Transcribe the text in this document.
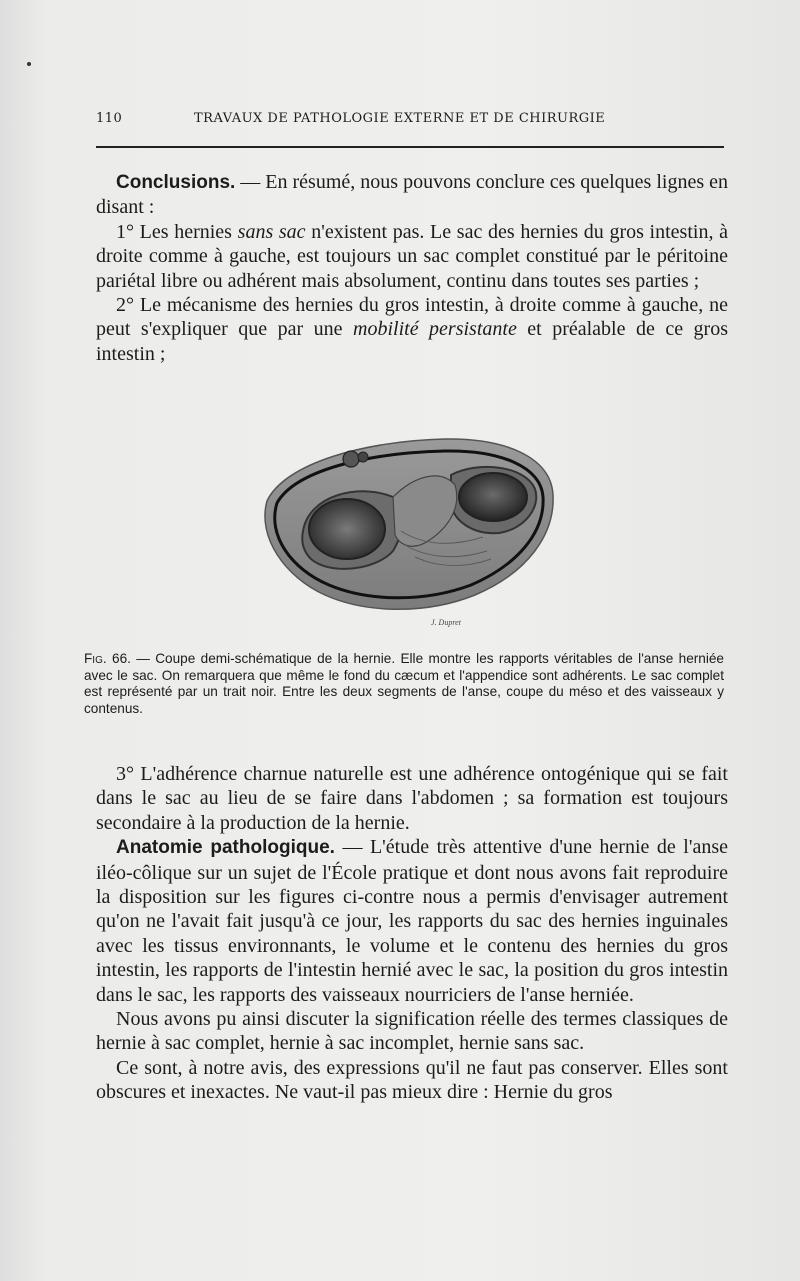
110	TRAVAUX DE PATHOLOGIE EXTERNE ET DE CHIRURGIE

Conclusions. — En résumé, nous pouvons conclure ces quelques lignes en disant :

1° Les hernies sans sac n'existent pas. Le sac des hernies du gros intestin, à droite comme à gauche, est toujours un sac complet constitué par le péritoine pariétal libre ou adhérent mais absolument, continu dans toutes ses parties ;

2° Le mécanisme des hernies du gros intestin, à droite comme à gauche, ne peut s'expliquer que par une mobilité persistante et préalable de ce gros intestin ;

J. Dupret

Fig. 66. — Coupe demi-schématique de la hernie. Elle montre les rapports véritables de l'anse herniée avec le sac. On remarquera que même le fond du cæcum et l'appendice sont adhérents. Le sac complet est représenté par un trait noir. Entre les deux segments de l'anse, coupe du méso et des vaisseaux y contenus.

3° L'adhérence charnue naturelle est une adhérence ontogénique qui se fait dans le sac au lieu de se faire dans l'abdomen ; sa formation est toujours secondaire à la production de la hernie.

Anatomie pathologique. — L'étude très attentive d'une hernie de l'anse iléo-côlique sur un sujet de l'École pratique et dont nous avons fait reproduire la disposition sur les figures ci-contre nous a permis d'envisager autrement qu'on ne l'avait fait jusqu'à ce jour, les rapports du sac des hernies inguinales avec les tissus environnants, le volume et le contenu des hernies du gros intestin, les rapports de l'intestin hernié avec le sac, la position du gros intestin dans le sac, les rapports des vaisseaux nourriciers de l'anse herniée.

Nous avons pu ainsi discuter la signification réelle des termes classiques de hernie à sac complet, hernie à sac incomplet, hernie sans sac.

Ce sont, à notre avis, des expressions qu'il ne faut pas conserver. Elles sont obscures et inexactes. Ne vaut-il pas mieux dire : Hernie du gros
